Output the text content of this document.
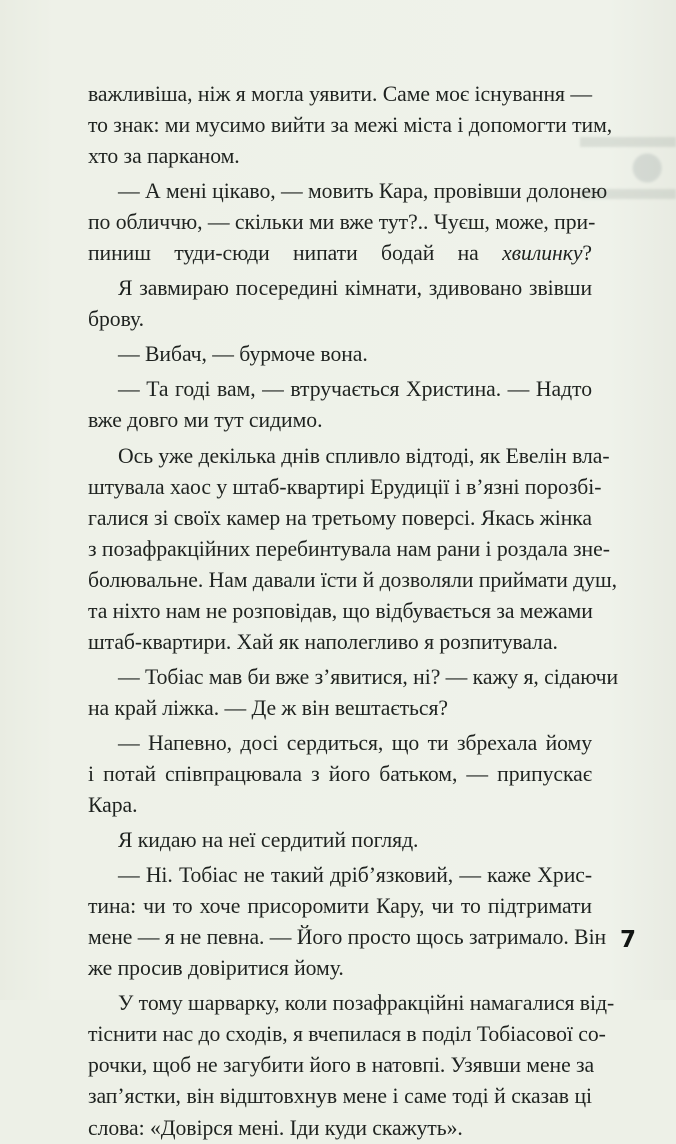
важливіша, ніж я могла уявити. Саме моє існування —
то знак: ми мусимо вийти за межі міста і допомогти тим,
хто за парканом.
— А мені цікаво, — мовить Кара, провівши долонею
по обличчю, — скільки ми вже тут?.. Чуєш, може, при-
пиниш туди-сюди нипати бодай на хвилинку?
Я завмираю посередині кімнати, здивовано звівши
брову.
— Вибач, — бурмоче вона.
— Та годі вам, — втручається Христина. — Надто
вже довго ми тут сидимо.
Ось уже декілька днів спливло відтоді, як Евелін вла-
штувала хаос у штаб-квартирі Ерудиції і в’язні порозбі-
галися зі своїх камер на третьому поверсі. Якась жінка
з позафракційних перебинтувала нам рани і роздала зне-
болювальне. Нам давали їсти й дозволяли приймати душ,
та ніхто нам не розповідав, що відбувається за межами
штаб-квартири. Хай як наполегливо я розпитувала.
— Тобіас мав би вже з’явитися, ні? — кажу я, сідаючи
на край ліжка. — Де ж він вештається?
— Напевно, досі сердиться, що ти збрехала йому
і потай співпрацювала з його батьком, — припускає
Кара.
Я кидаю на неї сердитий погляд.
— Ні. Тобіас не такий дріб’язковий, — каже Хрис-
тина: чи то хоче присоромити Кару, чи то підтримати
мене — я не певна. — Його просто щось затримало. Він
же просив довіритися йому.
У тому шарварку, коли позафракційні намагалися від-
тіснити нас до сходів, я вчепилася в поділ Тобіасової со-
рочки, щоб не загубити його в натовпі. Узявши мене за
зап’ястки, він відштовхнув мене і саме тоді й сказав ці
слова: «Довірся мені. Іди куди скажуть».
7
